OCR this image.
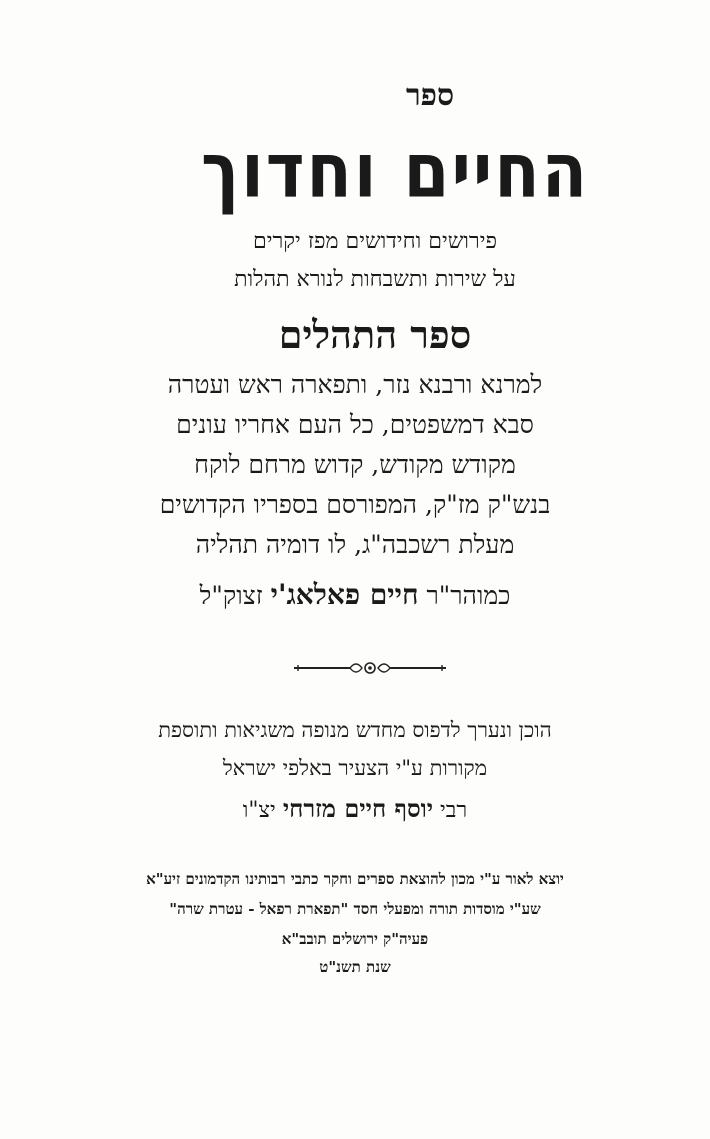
ספר
החיים וחדוך
פירושים וחידושים מפז יקרים
על שירות ותשבחות לנורא תהלות
ספר התהלים
למרנא ורבנא נזר, ותפארה ראש ועטרה
סבא דמשפטים, כל העם אחריו עונים
מקודש מקודש, קדוש מרחם לוקח
בנש"ק מז"ק, המפורסם בספריו הקדושים
מעלת רשכבה"ג, לו דומיה תהליה
כמוהר"ר חיים פאלאג'י זצוק"ל
הוכן ונערך לדפוס מחדש מנופה משגיאות ותוספת
מקורות ע"י הצעיר באלפי ישראל
רבי יוסף חיים מזרחי יצ"ו
יוצא לאור ע"י מכון להוצאת ספרים וחקר כתבי רבותינו הקדמונים זיע"א
שע"י מוסדות תורה ומפעלי חסד "תפארת רפאל - עטרת שרה"
פעיה"ק ירושלים תובב"א
שנת תשנ"ט
